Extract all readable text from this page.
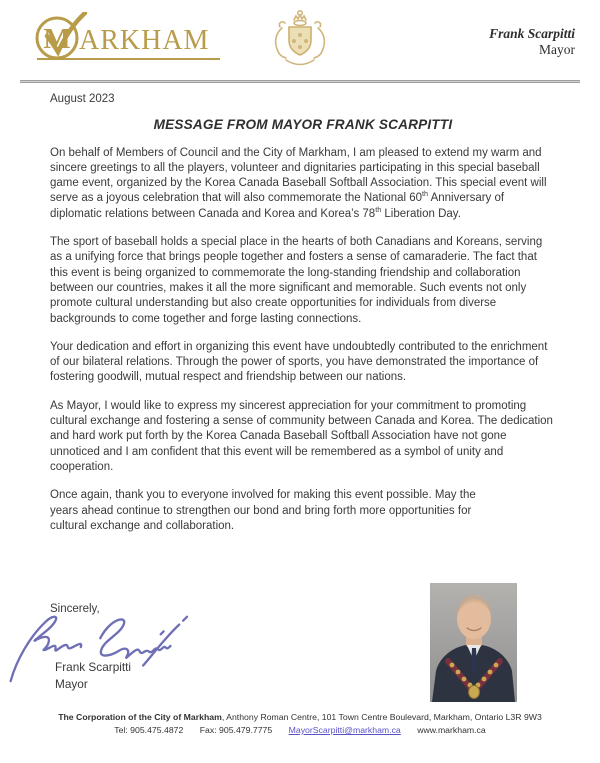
M ARKHAM	Frank Scarpitti
Mayor
August 2023
MESSAGE FROM MAYOR FRANK SCARPITTI

On behalf of Members of Council and the City of Markham, I am pleased to extend my warm and sincere greetings to all the players, volunteer and dignitaries participating in this special baseball game event, organized by the Korea Canada Baseball Softball Association. This special event will serve as a joyous celebration that will also commemorate the National 60th Anniversary of diplomatic relations between Canada and Korea and Korea’s 78th Liberation Day.

The sport of baseball holds a special place in the hearts of both Canadians and Koreans, serving as a unifying force that brings people together and fosters a sense of camaraderie. The fact that this event is being organized to commemorate the long-standing friendship and collaboration between our countries, makes it all the more significant and memorable. Such events not only promote cultural understanding but also create opportunities for individuals from diverse backgrounds to come together and forge lasting connections.

Your dedication and effort in organizing this event have undoubtedly contributed to the enrichment of our bilateral relations. Through the power of sports, you have demonstrated the importance of fostering goodwill, mutual respect and friendship between our nations.

As Mayor, I would like to express my sincerest appreciation for your commitment to promoting cultural exchange and fostering a sense of community between Canada and Korea. The dedication and hard work put forth by the Korea Canada Baseball Softball Association have not gone unnoticed and I am confident that this event will be remembered as a symbol of unity and cooperation.

Once again, thank you to everyone involved for making this event possible. May the years ahead continue to strengthen our bond and bring forth more opportunities for cultural exchange and collaboration.

Sincerely,
Frank Scarpitti
Mayor
The Corporation of the City of Markham, Anthony Roman Centre, 101 Town Centre Boulevard, Markham, Ontario L3R 9W3
Tel: 905.475.4872 Fax: 905.479.7775 MayorScarpitti@markham.ca www.markham.ca
